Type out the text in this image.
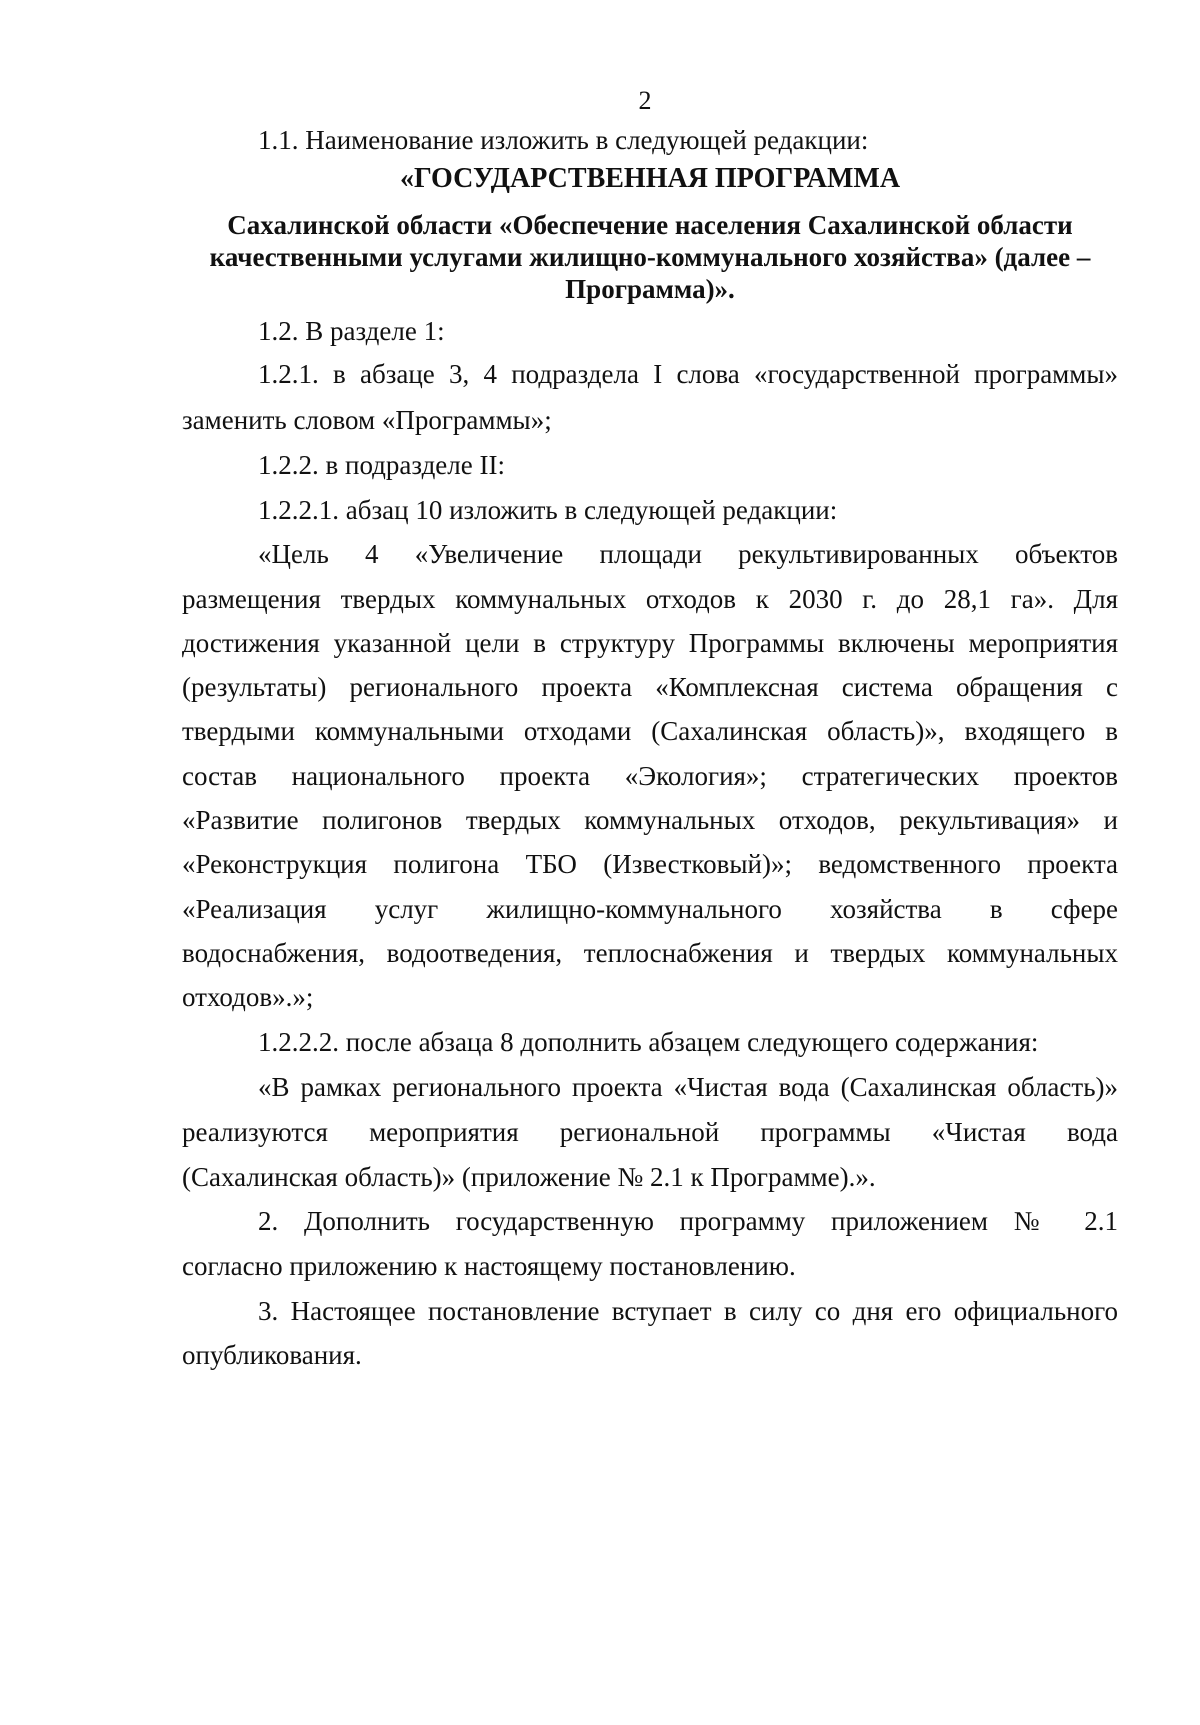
2
1.1. Наименование изложить в следующей редакции:
«ГОСУДАРСТВЕННАЯ ПРОГРАММА
Сахалинской области «Обеспечение населения Сахалинской области
качественными услугами жилищно-коммунального хозяйства» (далее –
Программа)».
1.2. В разделе 1:
1.2.1. в абзаце 3, 4 подраздела I слова «государственной программы»
заменить словом «Программы»;
1.2.2. в подразделе II:
1.2.2.1. абзац 10 изложить в следующей редакции:
«Цель 4 «Увеличение площади рекультивированных объектов
размещения твердых коммунальных отходов к 2030 г. до 28,1 га». Для
достижения указанной цели в структуру Программы включены мероприятия
(результаты) регионального проекта «Комплексная система обращения с
твердыми коммунальными отходами (Сахалинская область)», входящего в
состав национального проекта «Экология»; стратегических проектов
«Развитие полигонов твердых коммунальных отходов, рекультивация» и
«Реконструкция полигона ТБО (Известковый)»; ведомственного проекта
«Реализация услуг жилищно-коммунального хозяйства в сфере
водоснабжения, водоотведения, теплоснабжения и твердых коммунальных
отходов».»;
1.2.2.2. после абзаца 8 дополнить абзацем следующего содержания:
«В рамках регионального проекта «Чистая вода (Сахалинская область)»
реализуются мероприятия региональной программы «Чистая вода
(Сахалинская область)» (приложение № 2.1 к Программе).».
2. Дополнить государственную программу приложением № 2.1
согласно приложению к настоящему постановлению.
3. Настоящее постановление вступает в силу со дня его официального
опубликования.
